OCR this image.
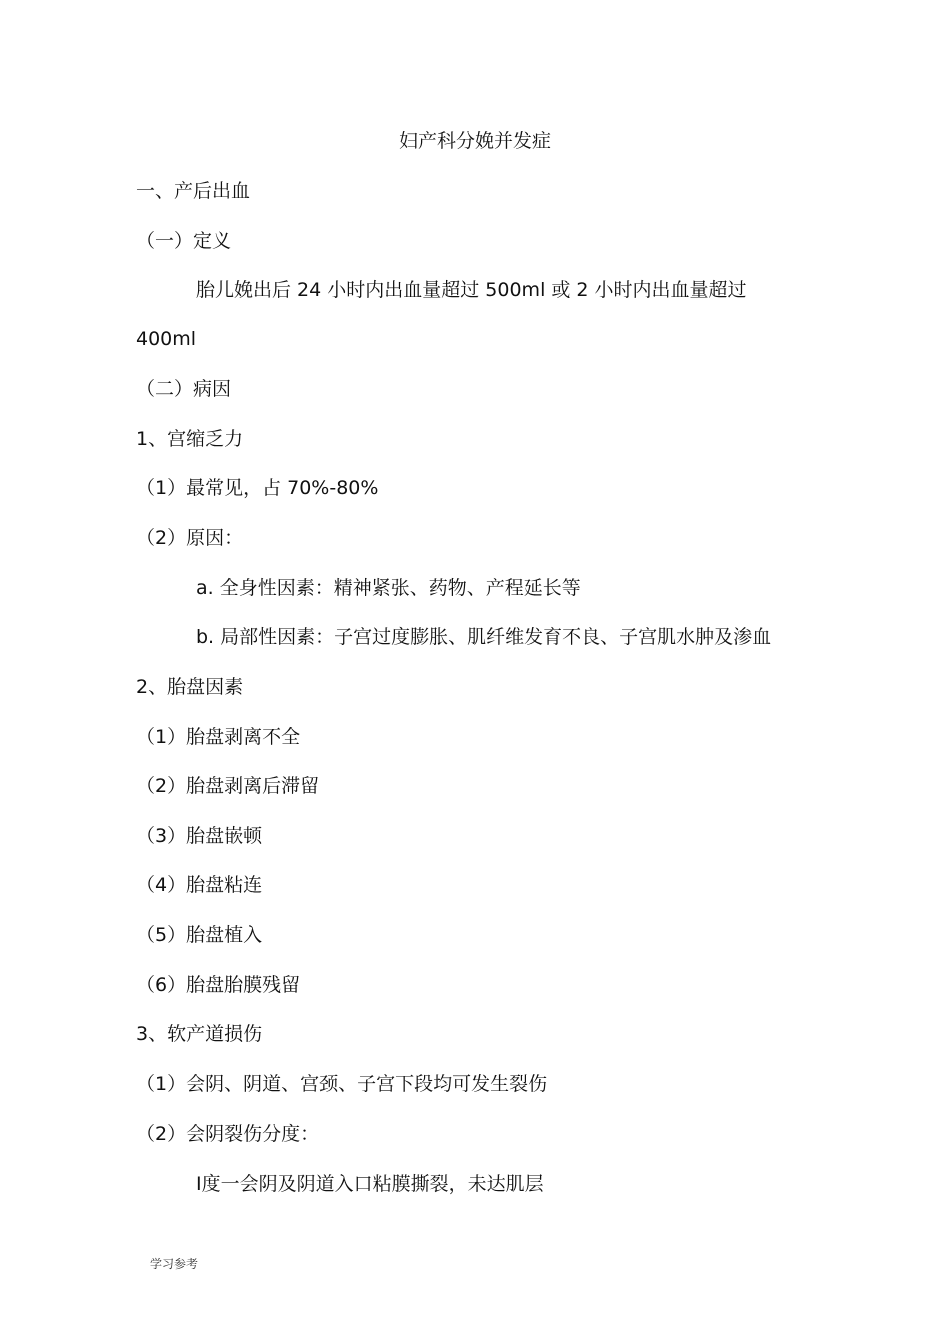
妇产科分娩并发症
一、产后出血
（一）定义
胎儿娩出后 24 小时内出血量超过 500ml 或 2 小时内出血量超过
400ml
（二）病因
1、宫缩乏力
（1）最常见，占 70%-80%
（2）原因：
a. 全身性因素：精神紧张、药物、产程延长等
b. 局部性因素：子宫过度膨胀、肌纤维发育不良、子宫肌水肿及渗血
2、胎盘因素
（1）胎盘剥离不全
（2）胎盘剥离后滞留
（3）胎盘嵌顿
（4）胎盘粘连
（5）胎盘植入
（6）胎盘胎膜残留
3、软产道损伤
（1）会阴、阴道、宫颈、子宫下段均可发生裂伤
（2）会阴裂伤分度：
Ⅰ度一会阴及阴道入口粘膜撕裂，未达肌层
学习参考
